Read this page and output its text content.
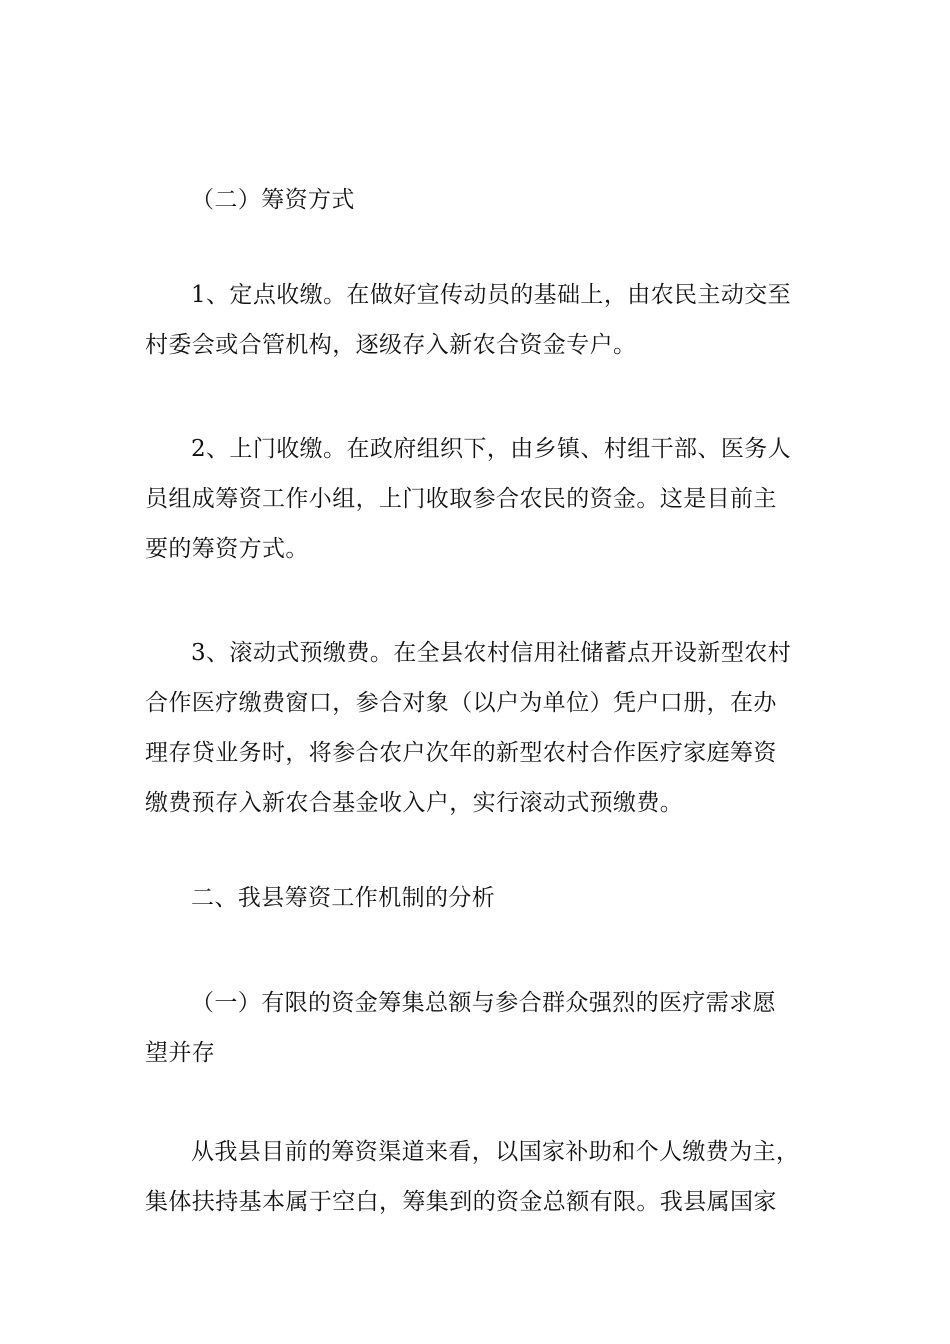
（二）筹资方式
1、定点收缴。在做好宣传动员的基础上，由农民主动交至
村委会或合管机构，逐级存入新农合资金专户。
2、上门收缴。在政府组织下，由乡镇、村组干部、医务人
员组成筹资工作小组，上门收取参合农民的资金。这是目前主
要的筹资方式。
3、滚动式预缴费。在全县农村信用社储蓄点开设新型农村
合作医疗缴费窗口，参合对象（以户为单位）凭户口册，在办
理存贷业务时，将参合农户次年的新型农村合作医疗家庭筹资
缴费预存入新农合基金收入户，实行滚动式预缴费。
二、我县筹资工作机制的分析
（一）有限的资金筹集总额与参合群众强烈的医疗需求愿
望并存
从我县目前的筹资渠道来看，以国家补助和个人缴费为主，
集体扶持基本属于空白，筹集到的资金总额有限。我县属国家
